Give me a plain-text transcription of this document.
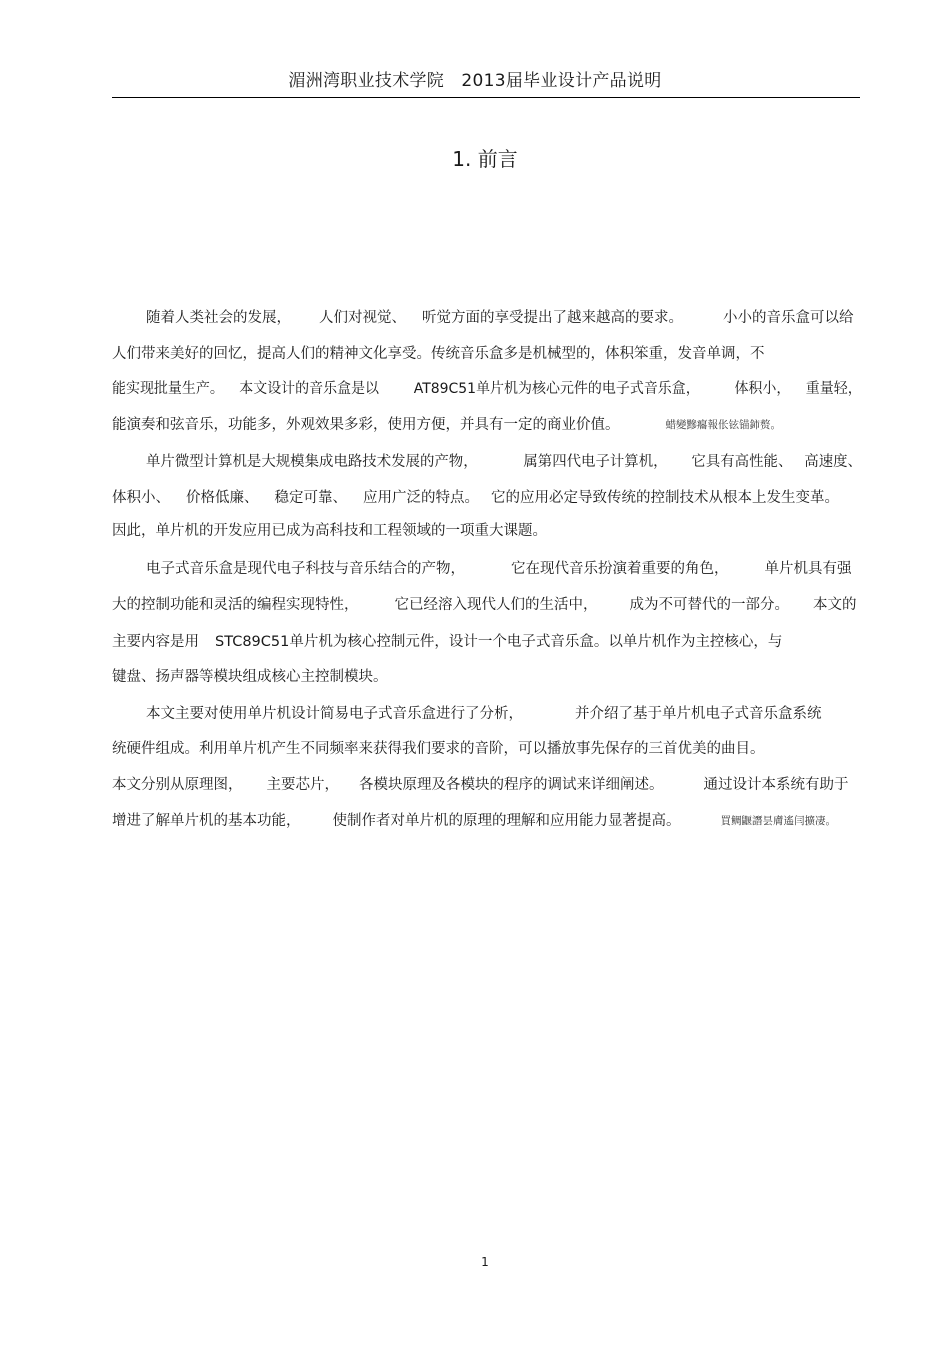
湄洲湾职业技术学院　2013届毕业设计产品说明
1. 前言
随着人类社会的发展， 人们对视觉、 听觉方面的享受提出了越来越高的要求。	小小的音乐盒可以给
人们带来美好的回忆，提高人们的精神文化享受。传统音乐盒多是机械型的，体积笨重，发音单调，不
能实现批量生产。 本文设计的音乐盒是以 AT89C51单片机为核心元件的电子式音乐盒， 体积小， 重量轻，
能演奏和弦音乐，功能多，外观效果多彩，使用方便，并具有一定的商业价值。	蜡變黲癟報伥铉锚鈰赘。
单片微型计算机是大规模集成电路技术发展的产物，	属第四代电子计算机， 它具有高性能、 高速度、
体积小、 价格低廉、 稳定可靠、 应用广泛的特点。 它的应用必定导致传统的控制技术从根本上发生变革。
因此，单片机的开发应用已成为高科技和工程领域的一项重大课题。
电子式音乐盒是现代电子科技与音乐结合的产物，	它在现代音乐扮演着重要的角色， 单片机具有强
大的控制功能和灵活的编程实现特性， 它已经溶入现代人们的生活中， 成为不可替代的一部分。 本文的
主要内容是用 STC89C51单片机为核心控制元件，设计一个电子式音乐盒。以单片机作为主控核心，与
键盘、扬声器等模块组成核心主控制模块。
本文主要对使用单片机设计简易电子式音乐盒进行了分析，	并介绍了基于单片机电子式音乐盒系统
统硬件组成。利用单片机产生不同频率来获得我们要求的音阶，可以播放事先保存的三首优美的曲目。
本文分别从原理图， 主要芯片， 各模块原理及各模块的程序的调试来详细阐述。	通过设计本系统有助于
增进了解单片机的基本功能， 使制作者对单片机的原理的理解和应用能力显著提高。	買鲷鼴譖昙膚遙闫擴凄。
1
